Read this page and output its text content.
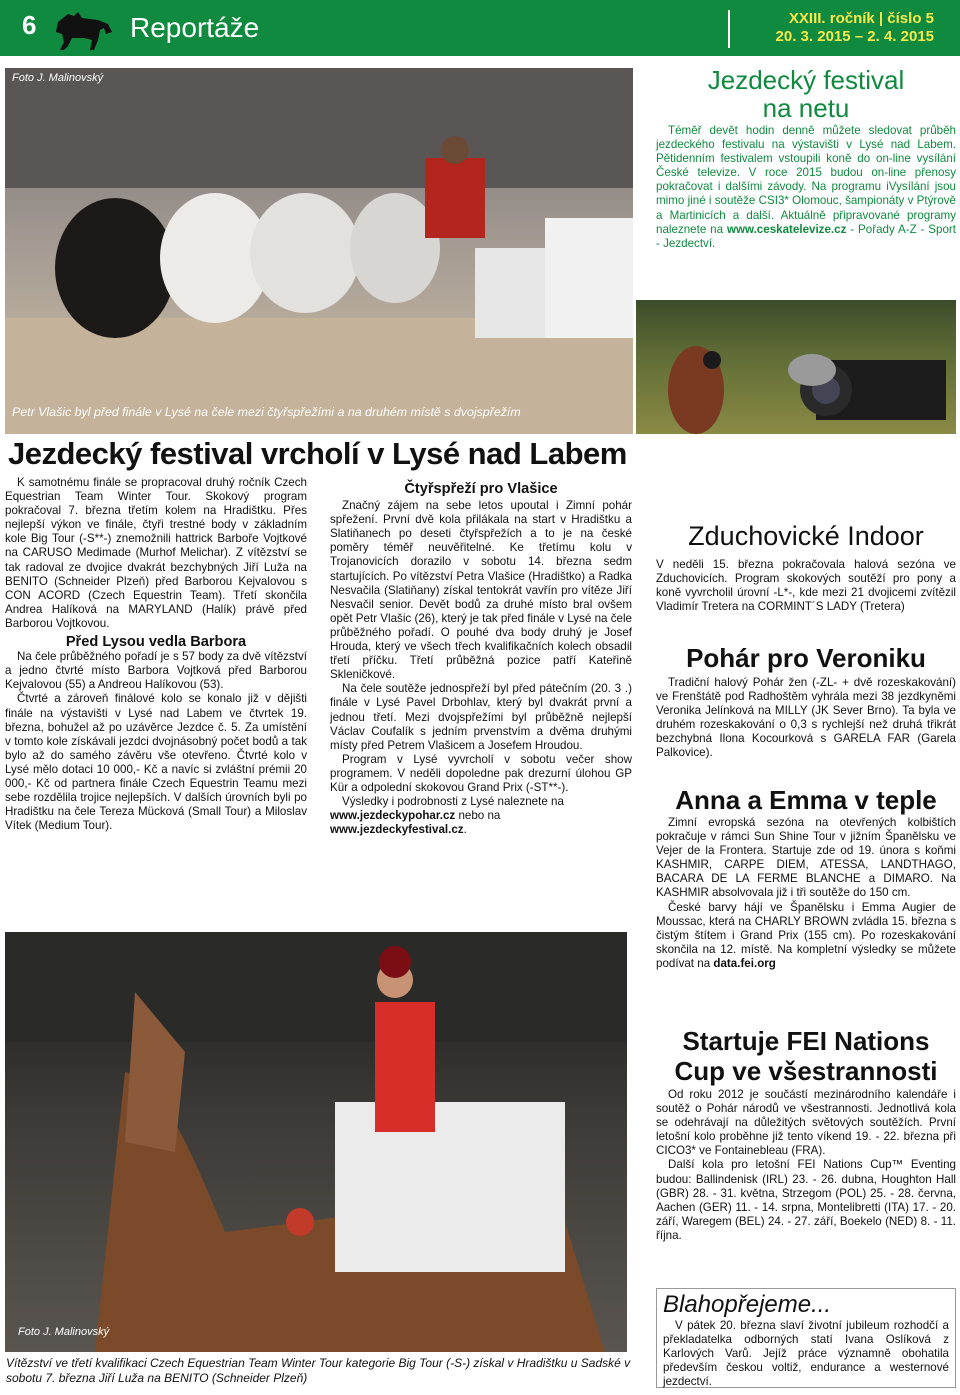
6	Reportáže	XXIII. ročník | číslo 5
20. 3. 2015 – 2. 4. 2015
Foto J. Malinovský
Petr Vlašic byl před finále v Lysé na čele mezi čtyřspřežími a na druhém místě s dvojspřežím
Jezdecký festival vrcholí v Lysé nad Labem

K samotnému finále se propracoval druhý ročník Czech Equestrian Team Winter Tour. Skokový program pokračoval 7. března třetím kolem na Hradištku. Přes nejlepší výkon ve finále, čtyři trestné body v základním kole Big Tour (-S**-) znemožnili hattrick Barboře Vojtkové na CARUSO Medimade (Murhof Melichar). Z vítězství se tak radoval ze dvojice dvakrát bezchybných Jiří Luža na BENITO (Schneider Plzeň) před Barborou Kejvalovou s CON ACORD (Czech Equestrin Team). Třetí skončila Andrea Halíková na MARYLAND (Halík) právě před Barborou Vojtkovou.

Před Lysou vedla Barbora

Na čele průběžného pořadí je s 57 body za dvě vítězství a jedno čtvrté místo Barbora Vojtková před Barborou Kejvalovou (55) a Andreou Halíkovou (53).

Čtvrté a zároveň finálové kolo se konalo již v dějišti finále na výstavišti v Lysé nad Labem ve čtvrtek 19. března, bohužel až po uzávěrce Jezdce č. 5. Za umístění v tomto kole získávali jezdci dvojnásobný počet bodů a tak bylo až do samého závěru vše otevřeno. Čtvrté kolo v Lysé mělo dotaci 10 000,- Kč a navíc si zvláštní prémii 20 000,- Kč od partnera finále Czech Equestrin Teamu mezi sebe rozdělila trojice nejlepších. V dalších úrovních byli po Hradištku na čele Tereza Mücková (Small Tour) a Miloslav Vítek (Medium Tour).

Čtyřspřeží pro Vlašice

Značný zájem na sebe letos upoutal i Zimní pohár spřežení. První dvě kola přilákala na start v Hradištku a Slatiňanech po deseti čtyřspřežích a to je na české poměry téměř neuvěřitelné. Ke třetímu kolu v Trojanovicích dorazilo v sobotu 14. března sedm startujících. Po vítězství Petra Vlašice (Hradištko) a Radka Nesvačila (Slatiňany) získal tentokrát vavřín pro vítěze Jiří Nesvačil senior. Devět bodů za druhé místo bral ovšem opět Petr Vlašic (26), který je tak před finále v Lysé na čele průběžného pořadí. O pouhé dva body druhý je Josef Hrouda, který ve všech třech kvalifikačních kolech obsadil třetí příčku. Třetí průběžná pozice patří Kateřině Skleničkové.

Na čele soutěže jednospřeží byl před pátečním (20. 3 .) finále v Lysé Pavel Drbohlav, který byl dvakrát první a jednou třetí. Mezi dvojspřežími byl průběžně nejlepší Václav Coufalík s jedním prvenstvím a dvěma druhými místy před Petrem Vlašicem a Josefem Hroudou.

Program v Lysé vyvrcholí v sobotu večer show programem. V neděli dopoledne pak drezurní úlohou GP Kür a odpolední skokovou Grand Prix (-ST**-).

Výsledky i podrobnosti z Lysé naleznete na
www.jezdeckypohar.cz nebo na
www.jezdeckyfestival.cz.

Foto J. Malinovský
Vítězství ve třetí kvalifikaci Czech Equestrian Team Winter Tour kategorie Big Tour (-S-) získal v Hradištku u Sadské v sobotu 7. března Jiří Luža na BENITO (Schneider Plzeň)
Jezdecký festival
na netu
Téměř devět hodin denně můžete sledovat průběh jezdeckého festivalu na výstavišti v Lysé nad Labem. Pětidenním festivalem vstoupili koně do on-line vysílání České televize. V roce 2015 budou on-line přenosy pokračovat i dalšími závody. Na programu iVysílání jsou mimo jiné i soutěže CSI3* Olomouc, šampionáty v Ptýrově a Martinicích a další. Aktuálně připravované programy naleznete na www.ceskatelevize.cz - Pořady A-Z - Sport - Jezdectví.
Zduchovické Indoor
V neděli 15. března pokračovala halová sezóna ve Zduchovicích. Program skokových soutěží pro pony a koně vyvrcholil úrovní -L*-, kde mezi 21 dvojicemi zvítězil Vladimír Tretera na CORMINT´S LADY (Tretera)
Pohár pro Veroniku
Tradiční halový Pohár žen (-ZL- + dvě rozeskakování) ve Frenštátě pod Radhoštěm vyhrála mezi 38 jezdkyněmi Veronika Jelínková na MILLY (JK Sever Brno). Ta byla ve druhém rozeskakování o 0,3 s rychlejší než druhá třikrát bezchybná Ilona Kocourková s GARELA FAR (Garela Palkovice).
Anna a Emma v teple

Zimní evropská sezóna na otevřených kolbištích pokračuje v rámci Sun Shine Tour v jižním Španělsku ve Vejer de la Frontera. Startuje zde od 19. února s koňmi KASHMIR, CARPE DIEM, ATESSA, LANDTHAGO, BACARA DE LA FERME BLANCHE a DIMARO. Na KASHMIR absolvovala již i tři soutěže do 150 cm.

České barvy hájí ve Španělsku i Emma Augier de Moussac, která na CHARLY BROWN zvládla 15. března s čistým štítem i Grand Prix (155 cm). Po rozeskakování skončila na 12. místě. Na kompletní výsledky se můžete podívat na data.fei.org

Startuje FEI Nations
Cup ve všestrannosti

Od roku 2012 je součástí mezinárodního kalendáře i soutěž o Pohár národů ve všestrannosti. Jednotlivá kola se odehrávají na důležitých světových soutěžích. První letošní kolo proběhne již tento víkend 19. - 22. března při CICO3* ve Fontainebleau (FRA).

Další kola pro letošní FEI Nations Cup™ Eventing budou: Ballindenisk (IRL) 23. - 26. dubna, Houghton Hall (GBR) 28. - 31. května, Strzegom (POL) 25. - 28. června, Aachen (GER) 11. - 14. srpna, Montelibretti (ITA) 17. - 20. září, Waregem (BEL) 24. - 27. září, Boekelo (NED) 8. - 11. října.

Blahopřejeme...
V pátek 20. března slaví životní jubileum rozhodčí a překladatelka odborných statí Ivana Oslíková z Karlových Varů. Jejíž práce významně obohatila především českou voltiž, endurance a westernové jezdectví.
